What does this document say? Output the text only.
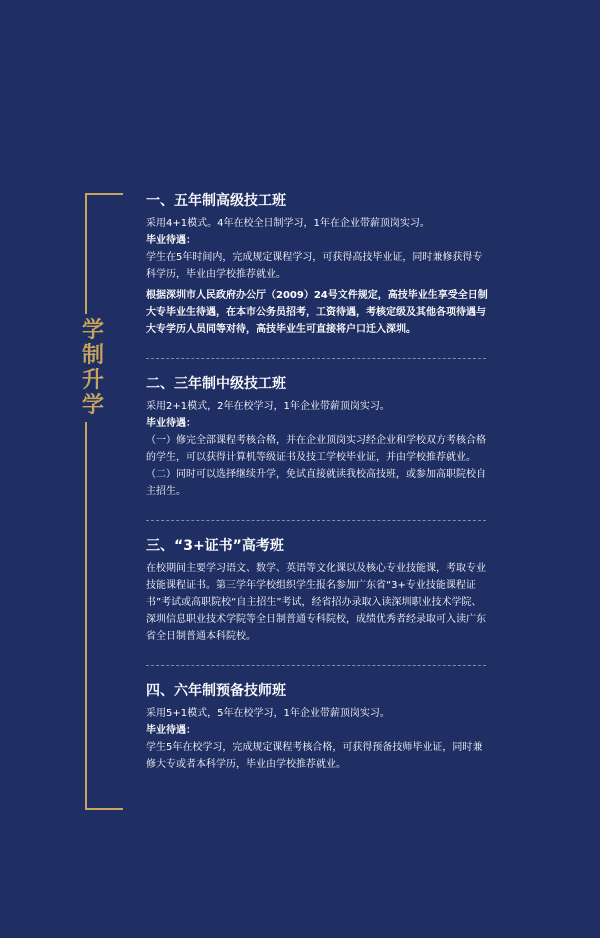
学
制
升
学
一、五年制高级技工班

采用4+1模式。4年在校全日制学习，1年在企业带薪顶岗实习。

毕业待遇：

学生在5年时间内，完成规定课程学习，可获得高技毕业证，同时兼修获得专科学历，毕业由学校推荐就业。

根据深圳市人民政府办公厅（2009）24号文件规定，高技毕业生享受全日制大专毕业生待遇，在本市公务员招考，工资待遇，考核定级及其他各项待遇与大专学历人员同等对待，高技毕业生可直接将户口迁入深圳。

二、三年制中级技工班

采用2+1模式，2年在校学习，1年企业带薪顶岗实习。

毕业待遇：

（一）修完全部课程考核合格，并在企业顶岗实习经企业和学校双方考核合格的学生，可以获得计算机等级证书及技工学校毕业证，并由学校推荐就业。

（二）同时可以选择继续升学，免试直接就读我校高技班，或参加高职院校自主招生。

三、“3+证书”高考班

在校期间主要学习语文、数学、英语等文化课以及核心专业技能课，考取专业技能课程证书。第三学年学校组织学生报名参加广东省“3+专业技能课程证书”考试或高职院校“自主招生”考试，经省招办录取入读深圳职业技术学院、深圳信息职业技术学院等全日制普通专科院校，成绩优秀者经录取可入读广东省全日制普通本科院校。

四、六年制预备技师班

采用5+1模式，5年在校学习，1年企业带薪顶岗实习。

毕业待遇：

学生5年在校学习，完成规定课程考核合格，可获得预备技师毕业证，同时兼修大专或者本科学历，毕业由学校推荐就业。
